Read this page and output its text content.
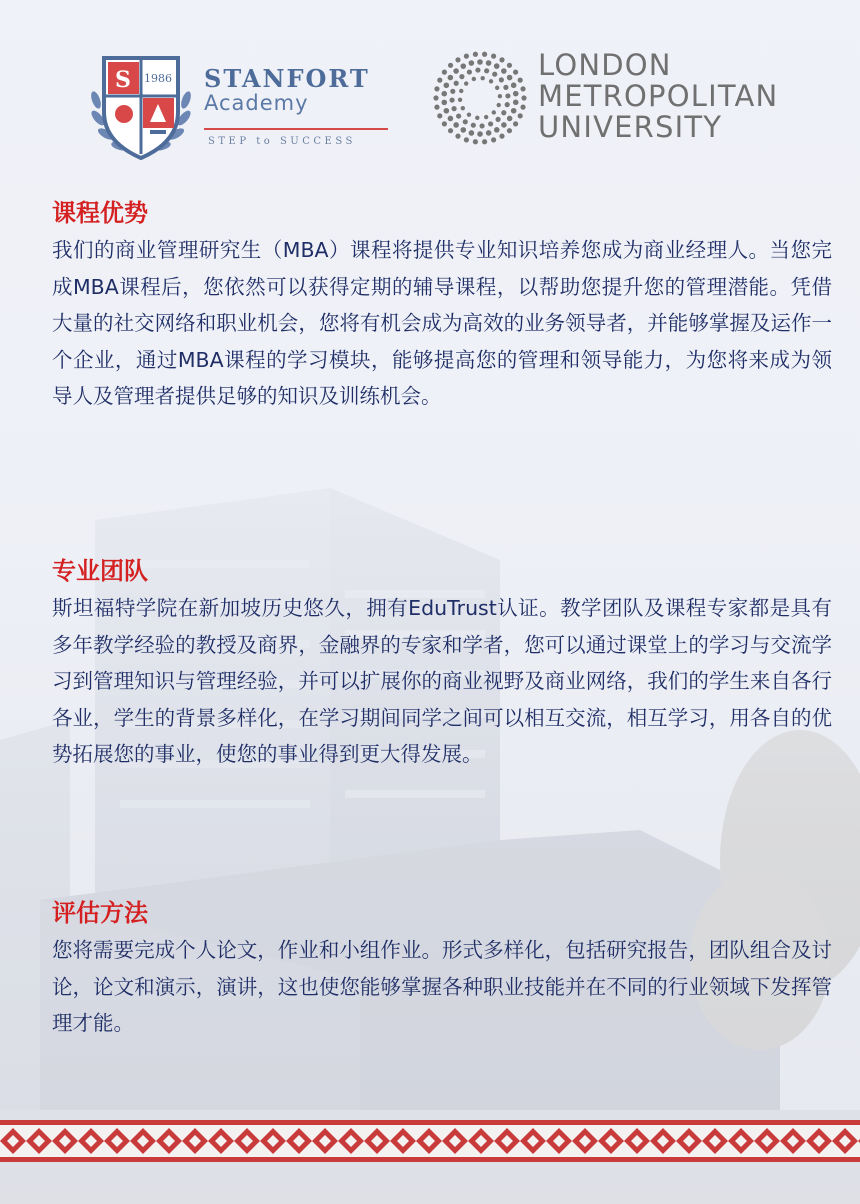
S 1986 STANFORT
Academy
STEP to SUCCESS
LONDON
METROPOLITAN
UNIVERSITY
课程优势
我们的商业管理研究生（MBA）课程将提供专业知识培养您成为商业经理人。当您完成MBA课程后，您依然可以获得定期的辅导课程，以帮助您提升您的管理潜能。凭借大量的社交网络和职业机会，您将有机会成为高效的业务领导者，并能够掌握及运作一个企业，通过MBA课程的学习模块，能够提高您的管理和领导能力，为您将来成为领导人及管理者提供足够的知识及训练机会。
专业团队
斯坦福特学院在新加坡历史悠久，拥有EduTrust认证。教学团队及课程专家都是具有多年教学经验的教授及商界，金融界的专家和学者，您可以通过课堂上的学习与交流学习到管理知识与管理经验，并可以扩展你的商业视野及商业网络，我们的学生来自各行各业，学生的背景多样化，在学习期间同学之间可以相互交流，相互学习，用各自的优势拓展您的事业，使您的事业得到更大得发展。
评估方法
您将需要完成个人论文，作业和小组作业。形式多样化，包括研究报告，团队组合及讨论，论文和演示，演讲，这也使您能够掌握各种职业技能并在不同的行业领域下发挥管理才能。
